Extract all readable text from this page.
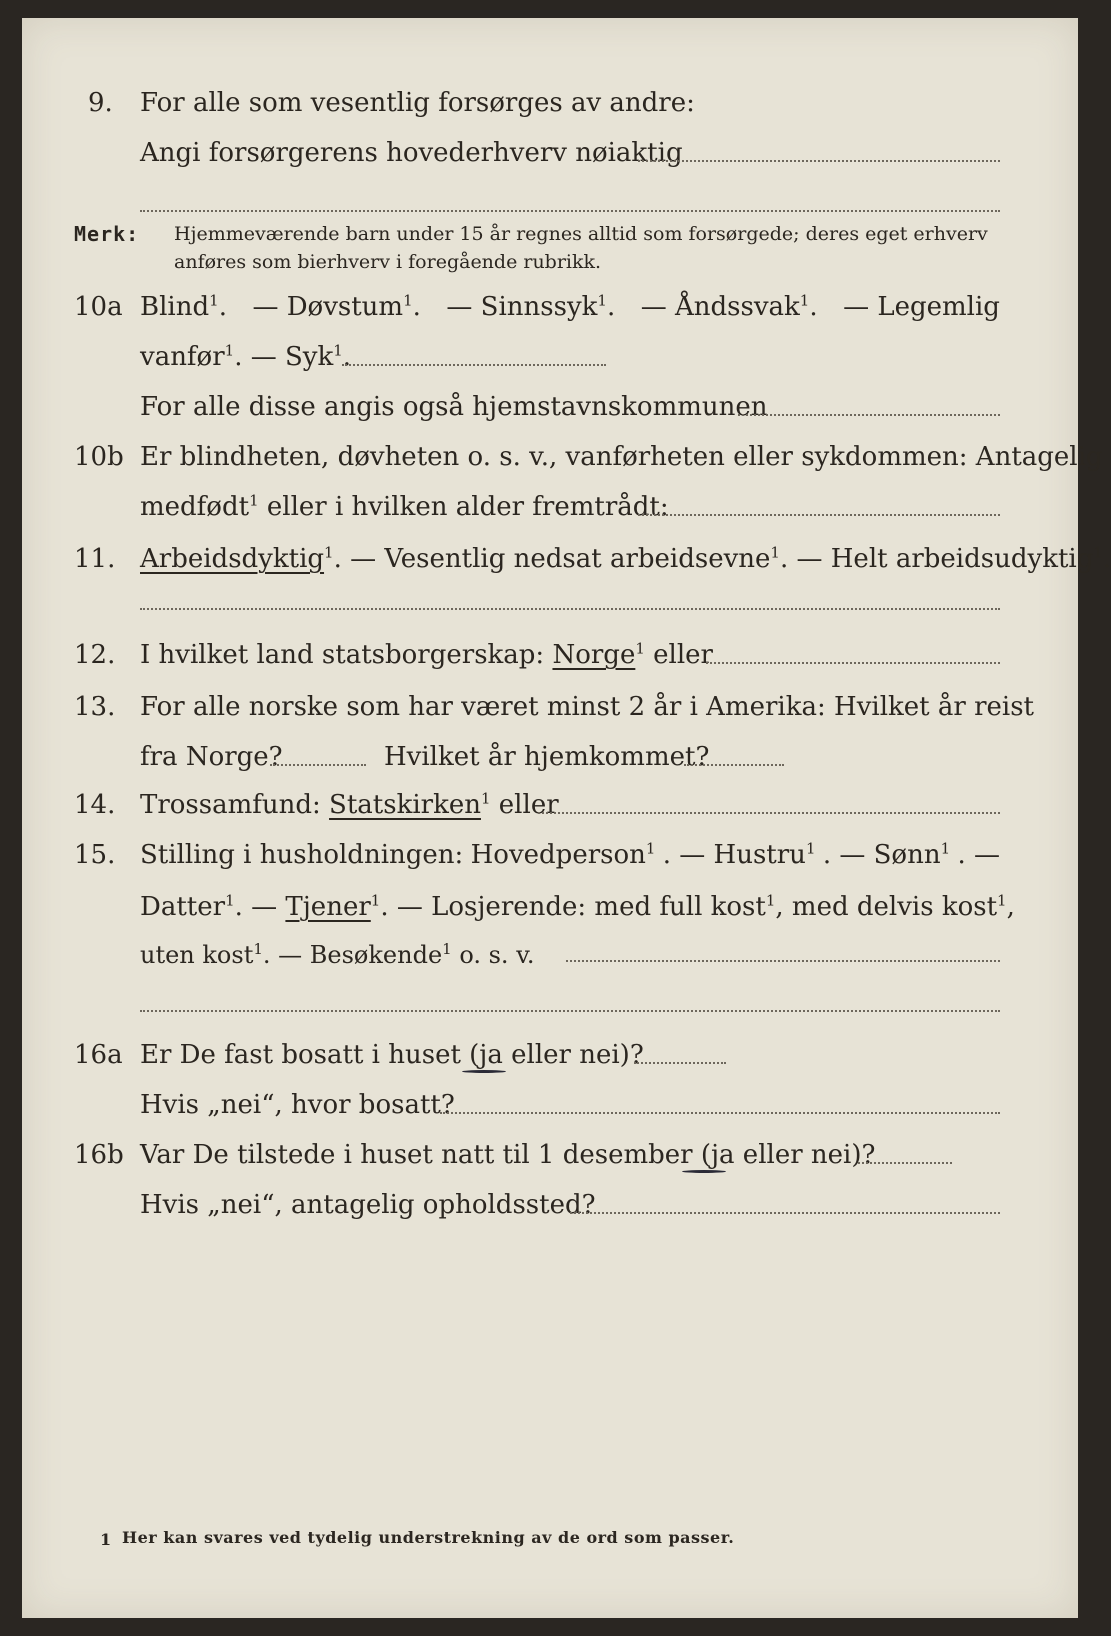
9. For alle som vesentlig forsørges av andre:
Angi forsørgerens hovederhverv nøiaktig
Merk: Hjemmeværende barn under 15 år regnes alltid som forsørgede; deres eget erhverv
anføres som bierhverv i foregående rubrikk.
10a Blind$^1$. — Døvstum$^1$. — Sinnssyk$^1$. — Åndssvak$^1$. — Legemlig
vanfør$^1$. — Syk$^1$.
For alle disse angis også hjemstavnskommunen
10b Er blindheten, døvheten o. s. v., vanførheten eller sykdommen: Antagelig
medfødt$^1$ eller i hvilken alder fremtrådt:
11. Arbeidsdyktig$^1$. — Vesentlig nedsat arbeidsevne$^1$. — Helt arbeidsudyktig$^1$.
12. I hvilket land statsborgerskap: Norge$^1$ eller
13. For alle norske som har været minst 2 år i Amerika: Hvilket år reist
fra Norge?	Hvilket år hjemkommet?
14. Trossamfund: Statskirken$^1$ eller
15. Stilling i husholdningen: Hovedperson$^1$ . — Hustru$^1$ . — Sønn$^1$ . —
Datter$^1$. — Tjener$^1$. — Losjerende: med full kost$^1$, med delvis kost$^1$,
uten kost$^1$. — Besøkende$^1$ o. s. v.
16a Er De fast bosatt i huset (ja eller nei)?
Hvis „nei“, hvor bosatt?
16b Var De tilstede i huset natt til 1 desember (ja eller nei)?
Hvis „nei“, antagelig opholdssted?
1 Her kan svares ved tydelig understrekning av de ord som passer.
